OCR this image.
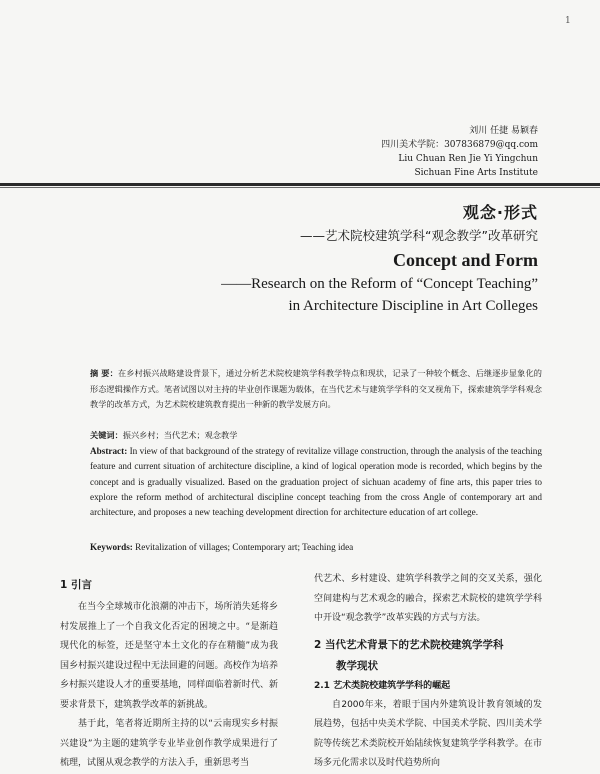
1
刘川 任捷 易颖春
四川美术学院：307836879@qq.com
Liu Chuan Ren Jie Yi Yingchun
Sichuan Fine Arts Institute
观念·形式
——艺术院校建筑学科“观念教学”改革研究
Concept and Form
——Research on the Reform of “Concept Teaching”
in Architecture Discipline in Art Colleges
摘 要：在乡村振兴战略建设背景下，通过分析艺术院校建筑学科教学特点和现状，记录了一种较个概念、后继逐步显象化的形态逻辑操作方式。笔者试图以对主持的毕业创作课题为载体，在当代艺术与建筑学学科的交叉视角下，探索建筑学学科观念教学的改革方式，为艺术院校建筑教育提出一种新的教学发展方向。
关键词：振兴乡村；当代艺术；观念教学
Abstract: In view of that background of the strategy of revitalize village construction, through the analysis of the teaching feature and current situation of architecture discipline, a kind of logical operation mode is recorded, which begins by the concept and is gradually visualized. Based on the graduation project of sichuan academy of fine arts, this paper tries to explore the reform method of architectural discipline concept teaching from the cross Angle of contemporary art and architecture, and proposes a new teaching development direction for architecture education of art college.
Keywords: Revitalization of villages; Contemporary art; Teaching idea
1 引言

在当今全球城市化浪潮的冲击下，场所消失延将乡村发展推上了一个自我文化否定的困境之中。“是渐趋现代化的标签，还是坚守本土文化的存在精髓”成为我国乡村振兴建设过程中无法回避的问题。高校作为培养乡村振兴建设人才的重要基地，同样面临着新时代、新要求背景下，建筑教学改革的新挑战。

基于此，笔者将近期所主持的以“云南现实乡村振兴建设”为主题的建筑学专业毕业创作教学成果进行了梳理，试图从观念教学的方法入手，重新思考当

代艺术、乡村建设、建筑学科教学之间的交叉关系，强化空间建构与艺术观念的融合，探索艺术院校的建筑学学科中开设“观念教学”改革实践的方式与方法。

2 当代艺术背景下的艺术院校建筑学学科
教学现状
2.1 艺术类院校建筑学学科的崛起

自2000年来，着眼于国内外建筑设计教育领域的发展趋势，包括中央美术学院、中国美术学院、四川美术学院等传统艺术类院校开始陆续恢复建筑学学科教学。在市场多元化需求以及时代趋势所向
